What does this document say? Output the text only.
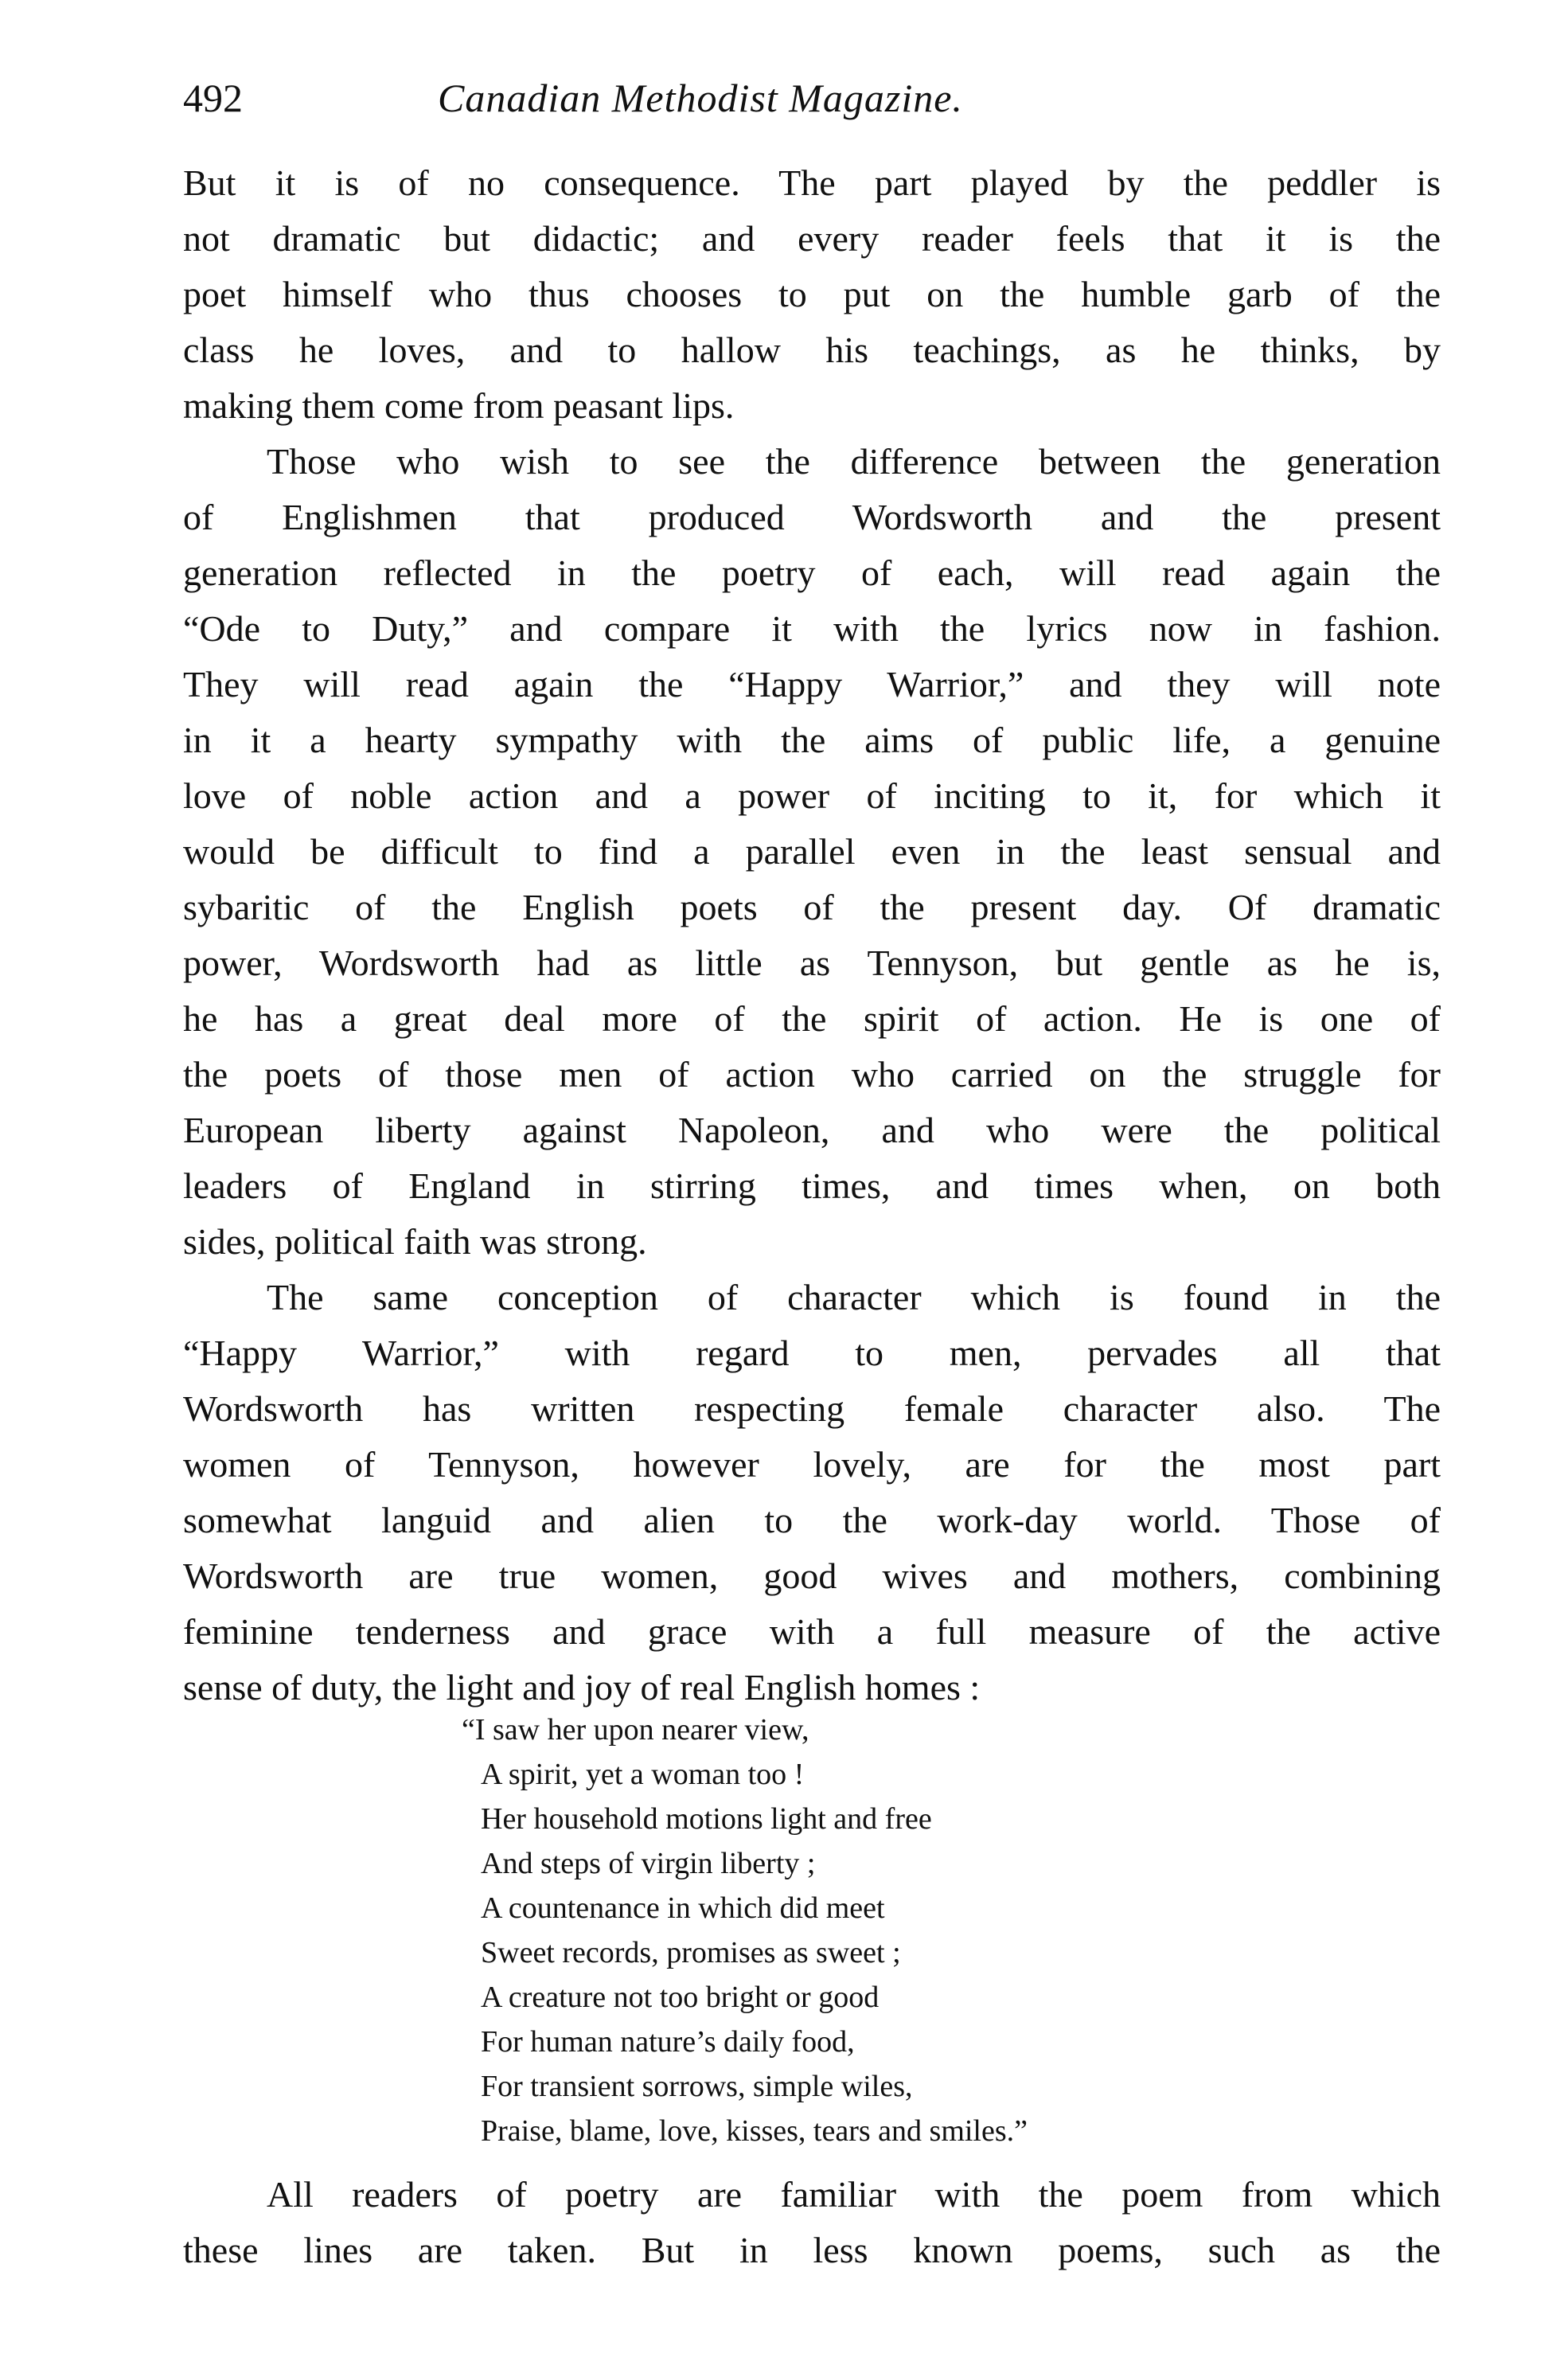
492	Canadian Methodist Magazine.
But it is of no consequence. The part played by the peddler is
not dramatic but didactic; and every reader feels that it is the
poet himself who thus chooses to put on the humble garb of the
class he loves, and to hallow his teachings, as he thinks, by
making them come from peasant lips.
Those who wish to see the difference between the generation
of Englishmen that produced Wordsworth and the present
generation reflected in the poetry of each, will read again the
“Ode to Duty,” and compare it with the lyrics now in fashion.
They will read again the “Happy Warrior,” and they will note
in it a hearty sympathy with the aims of public life, a genuine
love of noble action and a power of inciting to it, for which it
would be difficult to find a parallel even in the least sensual and
sybaritic of the English poets of the present day. Of dramatic
power, Wordsworth had as little as Tennyson, but gentle as he is,
he has a great deal more of the spirit of action. He is one of
the poets of those men of action who carried on the struggle for
European liberty against Napoleon, and who were the political
leaders of England in stirring times, and times when, on both
sides, political faith was strong.
The same conception of character which is found in the
“Happy Warrior,” with regard to men, pervades all that
Wordsworth has written respecting female character also. The
women of Tennyson, however lovely, are for the most part
somewhat languid and alien to the work-day world. Those of
Wordsworth are true women, good wives and mothers, combining
feminine tenderness and grace with a full measure of the active
sense of duty, the light and joy of real English homes :
“I saw her upon nearer view,
A spirit, yet a woman too !
Her household motions light and free
And steps of virgin liberty ;
A countenance in which did meet
Sweet records, promises as sweet ;
A creature not too bright or good
For human nature’s daily food,
For transient sorrows, simple wiles,
Praise, blame, love, kisses, tears and smiles.”
All readers of poetry are familiar with the poem from which
these lines are taken. But in less known poems, such as the
